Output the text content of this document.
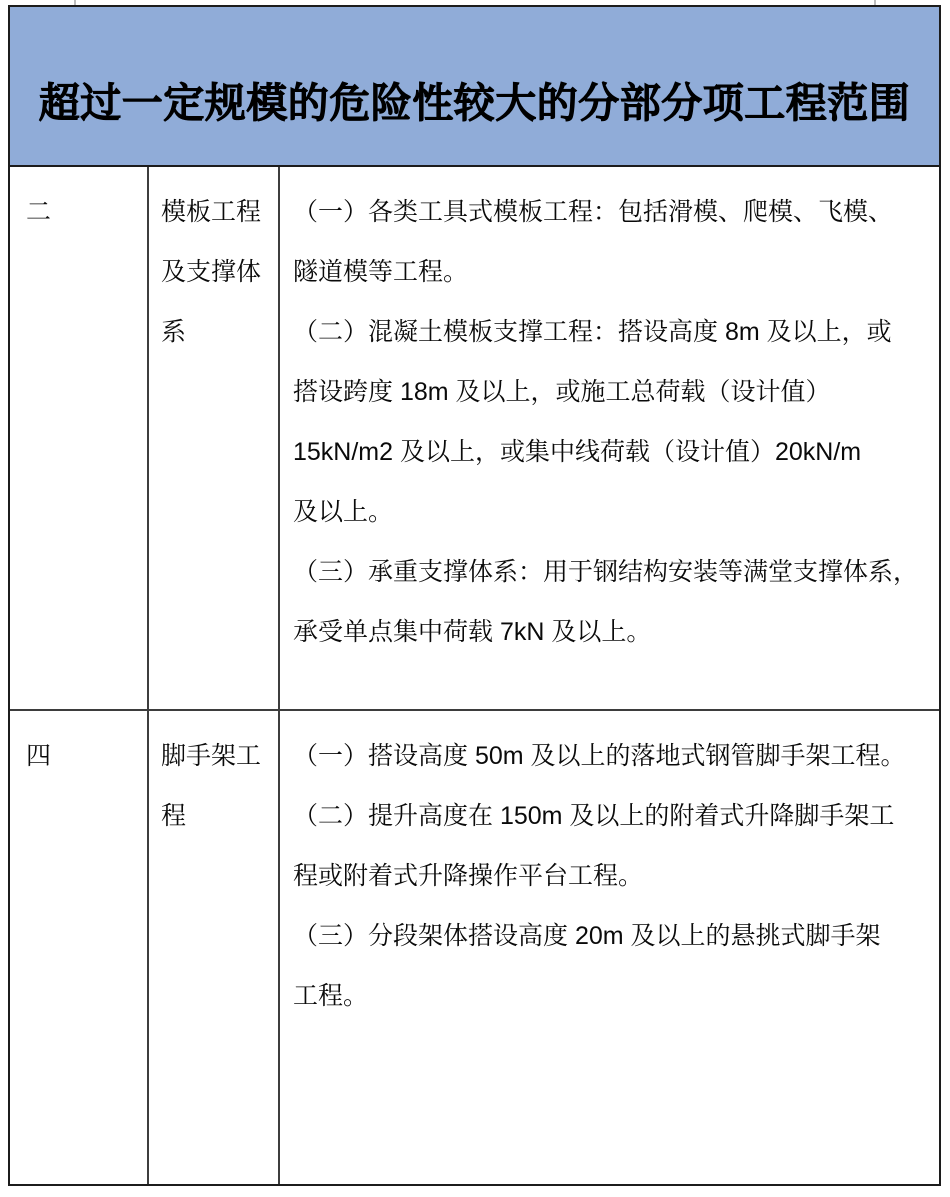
超过一定规模的危险性较大的分部分项工程范围
二	模板工程
及支撑体
系
（一）各类工具式模板工程：包括滑模、爬模、飞模、
隧道模等工程。
（二）混凝土模板支撑工程：搭设高度 8m 及以上，或
搭设跨度 18m 及以上，或施工总荷载（设计值）
15kN/m2 及以上，或集中线荷载（设计值）20kN/m
及以上。
（三）承重支撑体系：用于钢结构安装等满堂支撑体系，
承受单点集中荷载 7kN 及以上。
四	脚手架工
程
（一）搭设高度 50m 及以上的落地式钢管脚手架工程。
（二）提升高度在 150m 及以上的附着式升降脚手架工
程或附着式升降操作平台工程。
（三）分段架体搭设高度 20m 及以上的悬挑式脚手架
工程。
